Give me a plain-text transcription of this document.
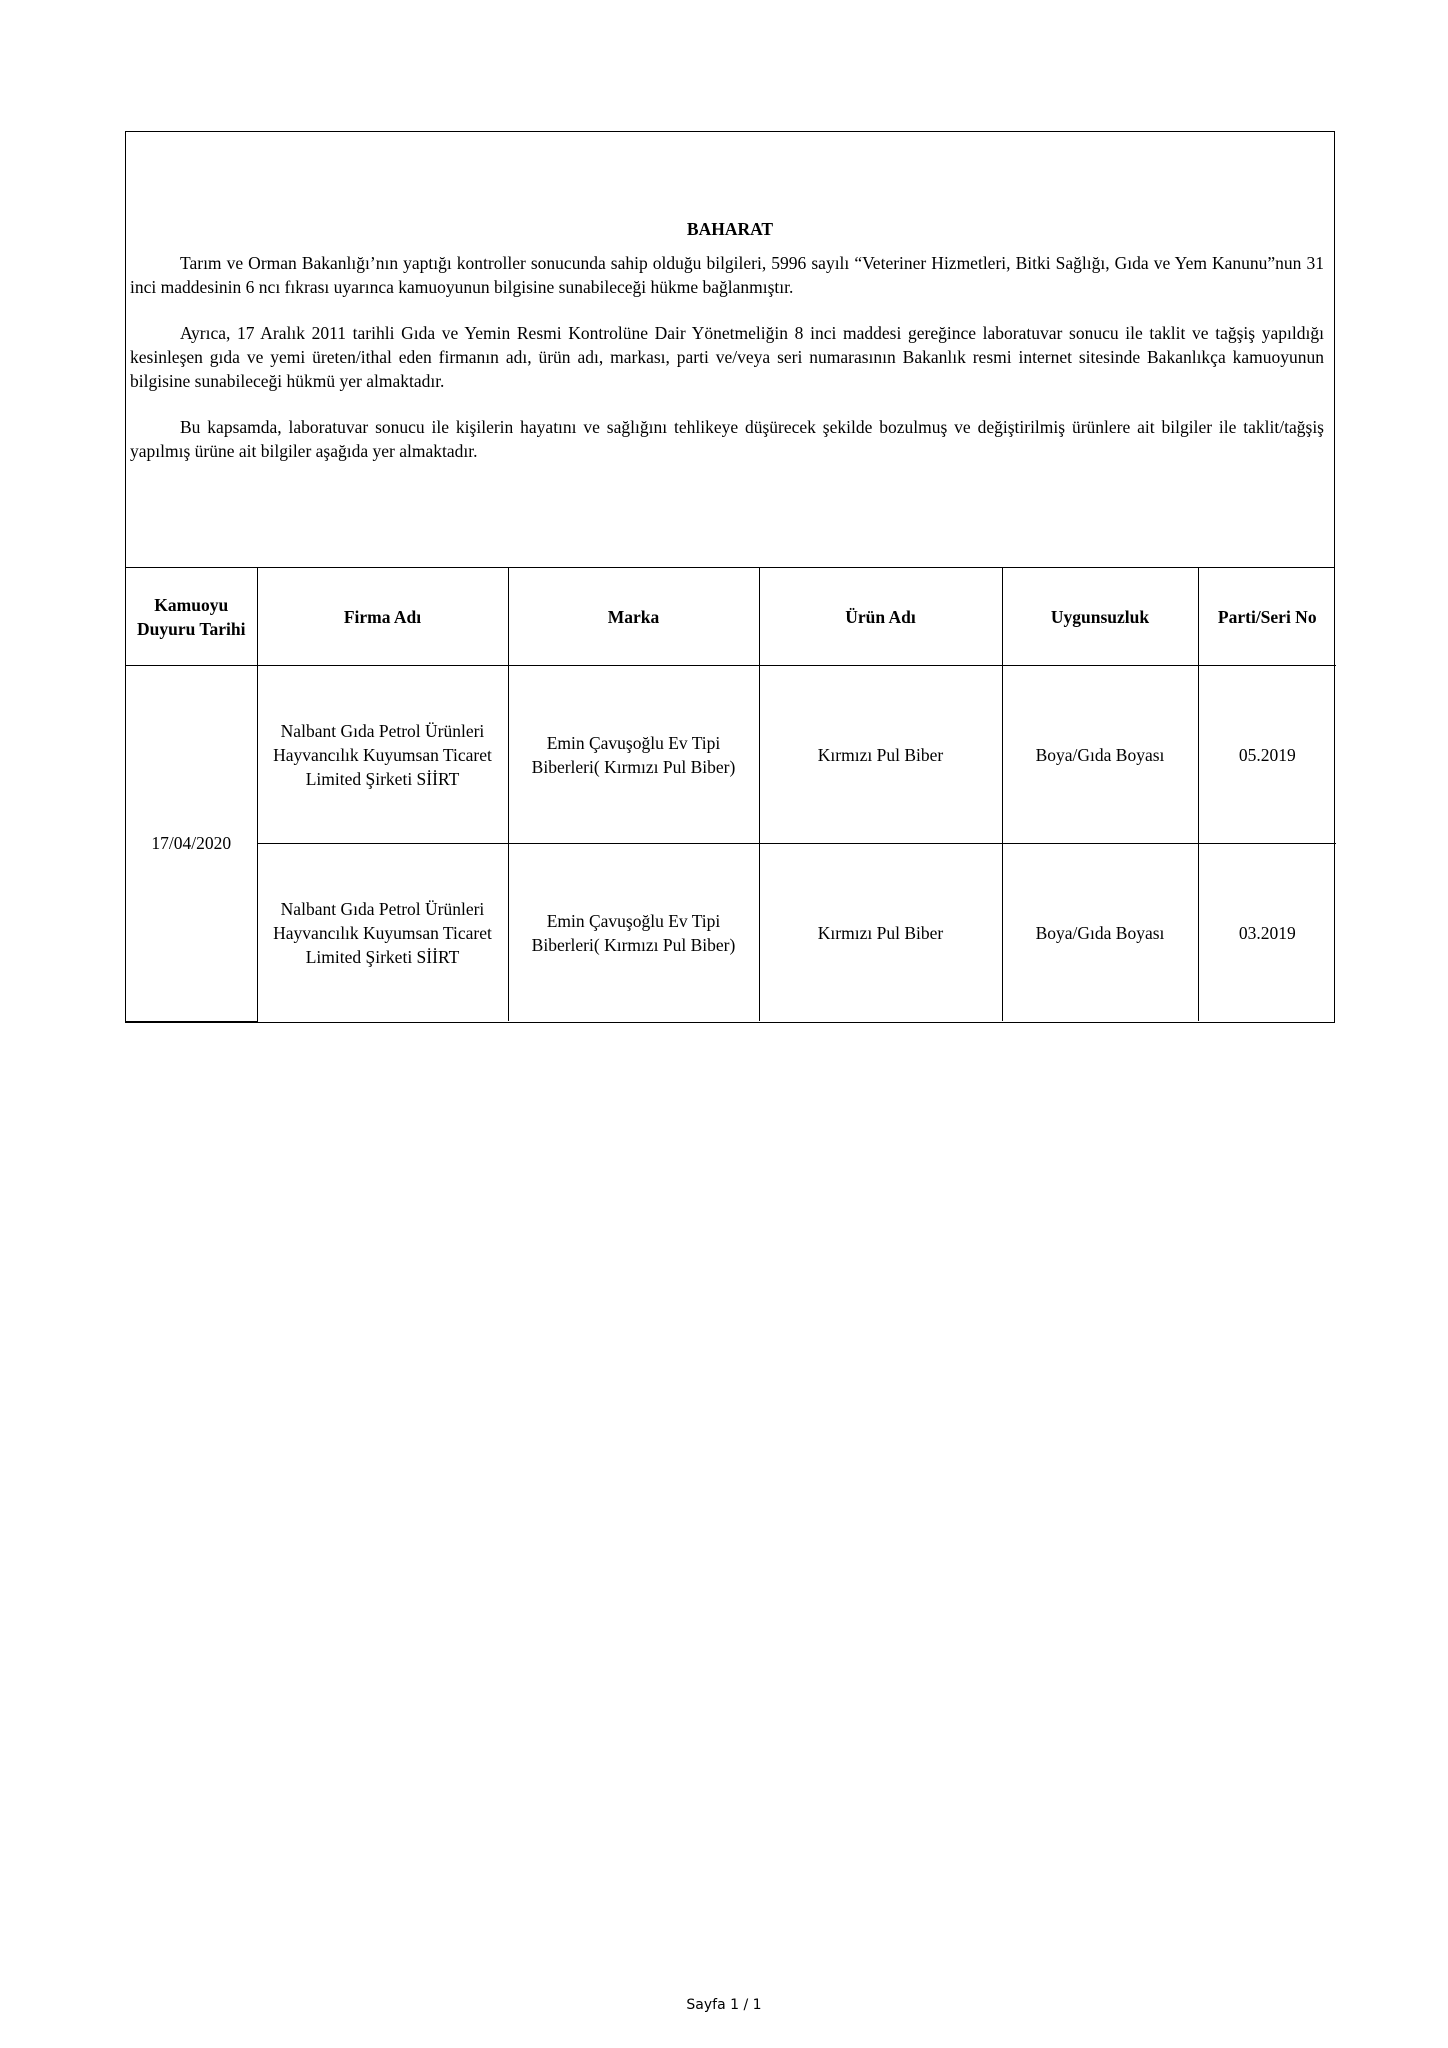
BAHARAT

Tarım ve Orman Bakanlığı’nın yaptığı kontroller sonucunda sahip olduğu bilgileri, 5996 sayılı “Veteriner Hizmetleri, Bitki Sağlığı, Gıda ve Yem Kanunu”nun 31 inci maddesinin 6 ncı fıkrası uyarınca kamuoyunun bilgisine sunabileceği hükme bağlanmıştır.

Ayrıca, 17 Aralık 2011 tarihli Gıda ve Yemin Resmi Kontrolüne Dair Yönetmeliğin 8 inci maddesi gereğince laboratuvar sonucu ile taklit ve tağşiş yapıldığı kesinleşen gıda ve yemi üreten/ithal eden firmanın adı, ürün adı, markası, parti ve/veya seri numarasının Bakanlık resmi internet sitesinde Bakanlıkça kamuoyunun bilgisine sunabileceği hükmü yer almaktadır.

Bu kapsamda, laboratuvar sonucu ile kişilerin hayatını ve sağlığını tehlikeye düşürecek şekilde bozulmuş ve değiştirilmiş ürünlere ait bilgiler ile taklit/tağşiş yapılmış ürüne ait bilgiler aşağıda yer almaktadır.

Kamuoyu Duyuru Tarihi	Firma Adı	Marka	Ürün Adı	Uygunsuzluk	Parti/Seri No
17/04/2020	Nalbant Gıda Petrol Ürünleri Hayvancılık Kuyumsan Ticaret Limited Şirketi SİİRT	Emin Çavuşoğlu Ev Tipi Biberleri( Kırmızı Pul Biber)	Kırmızı Pul Biber	Boya/Gıda Boyası	05.2019
	Nalbant Gıda Petrol Ürünleri Hayvancılık Kuyumsan Ticaret Limited Şirketi SİİRT	Emin Çavuşoğlu Ev Tipi Biberleri( Kırmızı Pul Biber)	Kırmızı Pul Biber	Boya/Gıda Boyası	03.2019
Sayfa 1 / 1
